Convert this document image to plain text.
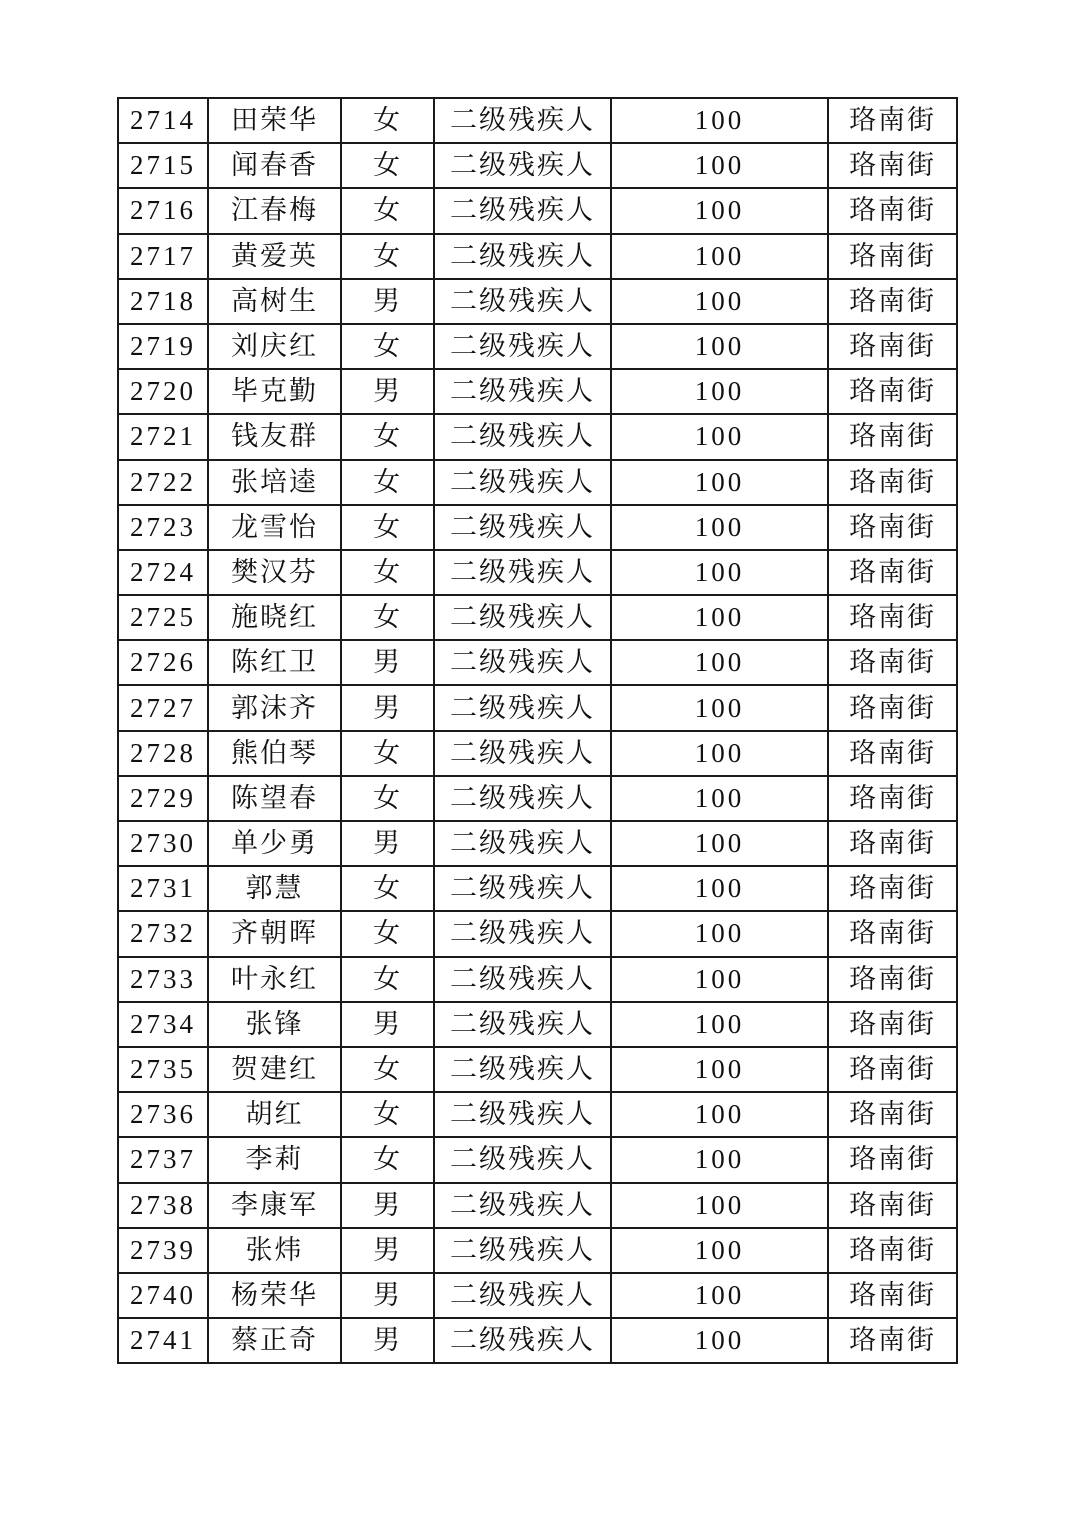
2714	田荣华	女	二级残疾人	100	珞南街
2715	闻春香	女	二级残疾人	100	珞南街
2716	江春梅	女	二级残疾人	100	珞南街
2717	黄爱英	女	二级残疾人	100	珞南街
2718	高树生	男	二级残疾人	100	珞南街
2719	刘庆红	女	二级残疾人	100	珞南街
2720	毕克勤	男	二级残疾人	100	珞南街
2721	钱友群	女	二级残疾人	100	珞南街
2722	张培逵	女	二级残疾人	100	珞南街
2723	龙雪怡	女	二级残疾人	100	珞南街
2724	樊汉芬	女	二级残疾人	100	珞南街
2725	施晓红	女	二级残疾人	100	珞南街
2726	陈红卫	男	二级残疾人	100	珞南街
2727	郭沫齐	男	二级残疾人	100	珞南街
2728	熊伯琴	女	二级残疾人	100	珞南街
2729	陈望春	女	二级残疾人	100	珞南街
2730	单少勇	男	二级残疾人	100	珞南街
2731	郭慧	女	二级残疾人	100	珞南街
2732	齐朝晖	女	二级残疾人	100	珞南街
2733	叶永红	女	二级残疾人	100	珞南街
2734	张锋	男	二级残疾人	100	珞南街
2735	贺建红	女	二级残疾人	100	珞南街
2736	胡红	女	二级残疾人	100	珞南街
2737	李莉	女	二级残疾人	100	珞南街
2738	李康军	男	二级残疾人	100	珞南街
2739	张炜	男	二级残疾人	100	珞南街
2740	杨荣华	男	二级残疾人	100	珞南街
2741	蔡正奇	男	二级残疾人	100	珞南街
